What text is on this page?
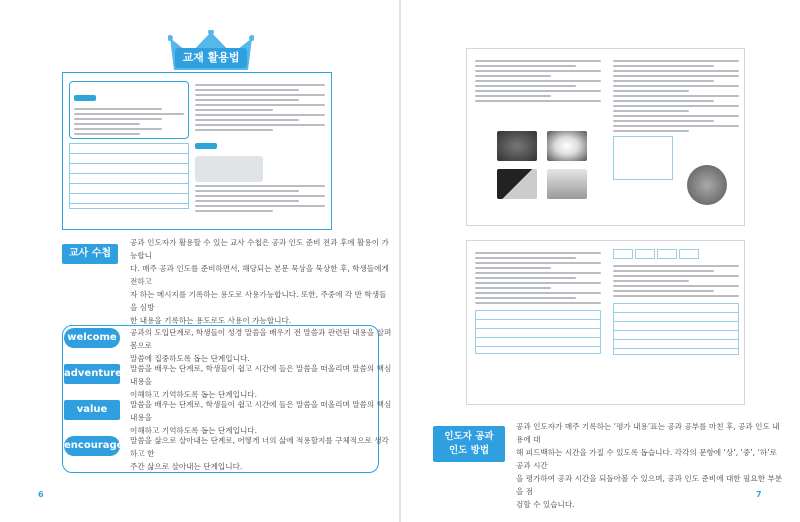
교재 활용법
교사 수첩
공과 인도자가 활용할 수 있는 교사 수첩은 공과 인도 준비 전과 후에 활용이 가능합니
다. 매주 공과 인도를 준비하면서, 해당되는 본문 묵상을 묵상한 후, 학생들에게 전하고
자 하는 메시지를 기록하는 용도로 사용가능합니다. 또한, 주중에 각 반 학생들을 심방
한 내용을 기록하는 용도로도 사용이 가능합니다.
welcome	공과의 도입단계로, 학생들이 성경 말씀을 배우기 전 말씀과 관련된 내용을 살펴봄으로
말씀에 집중하도록 돕는 단계입니다.
adventure 말씀을 배우는 단계로, 학생들이 쉽고 시간에 들은 말씀을 떠올리며 말씀의 핵심 내용을
이해하고 기억하도록 돕는 단계입니다.
value	말씀을 배우는 단계로, 학생들이 쉽고 시간에 들은 말씀을 떠올리며 말씀의 핵심 내용을
이해하고 기억하도록 돕는 단계입니다.
encourage 말씀을 삶으로 살아내는 단계로, 어떻게 너의 삶에 적용할지를 구체적으로 생각하고 한
주간 삶으로 살아내는 단계입니다.
6
인도자 공과
인도 방법
공과 인도자가 매주 기록하는 ‘평가 내용’표는 공과 공부를 마친 후, 공과 인도 내용에 대
해 피드백하는 시간을 가질 수 있도록 돕습니다. 각각의 문항에 ‘상’, ‘중’, ‘하’로 공과 시간
을 평가하여 공과 시간을 되돌아볼 수 있으며, 공과 인도 준비에 대한 필요한 부분을 점
검할 수 있습니다.
7
